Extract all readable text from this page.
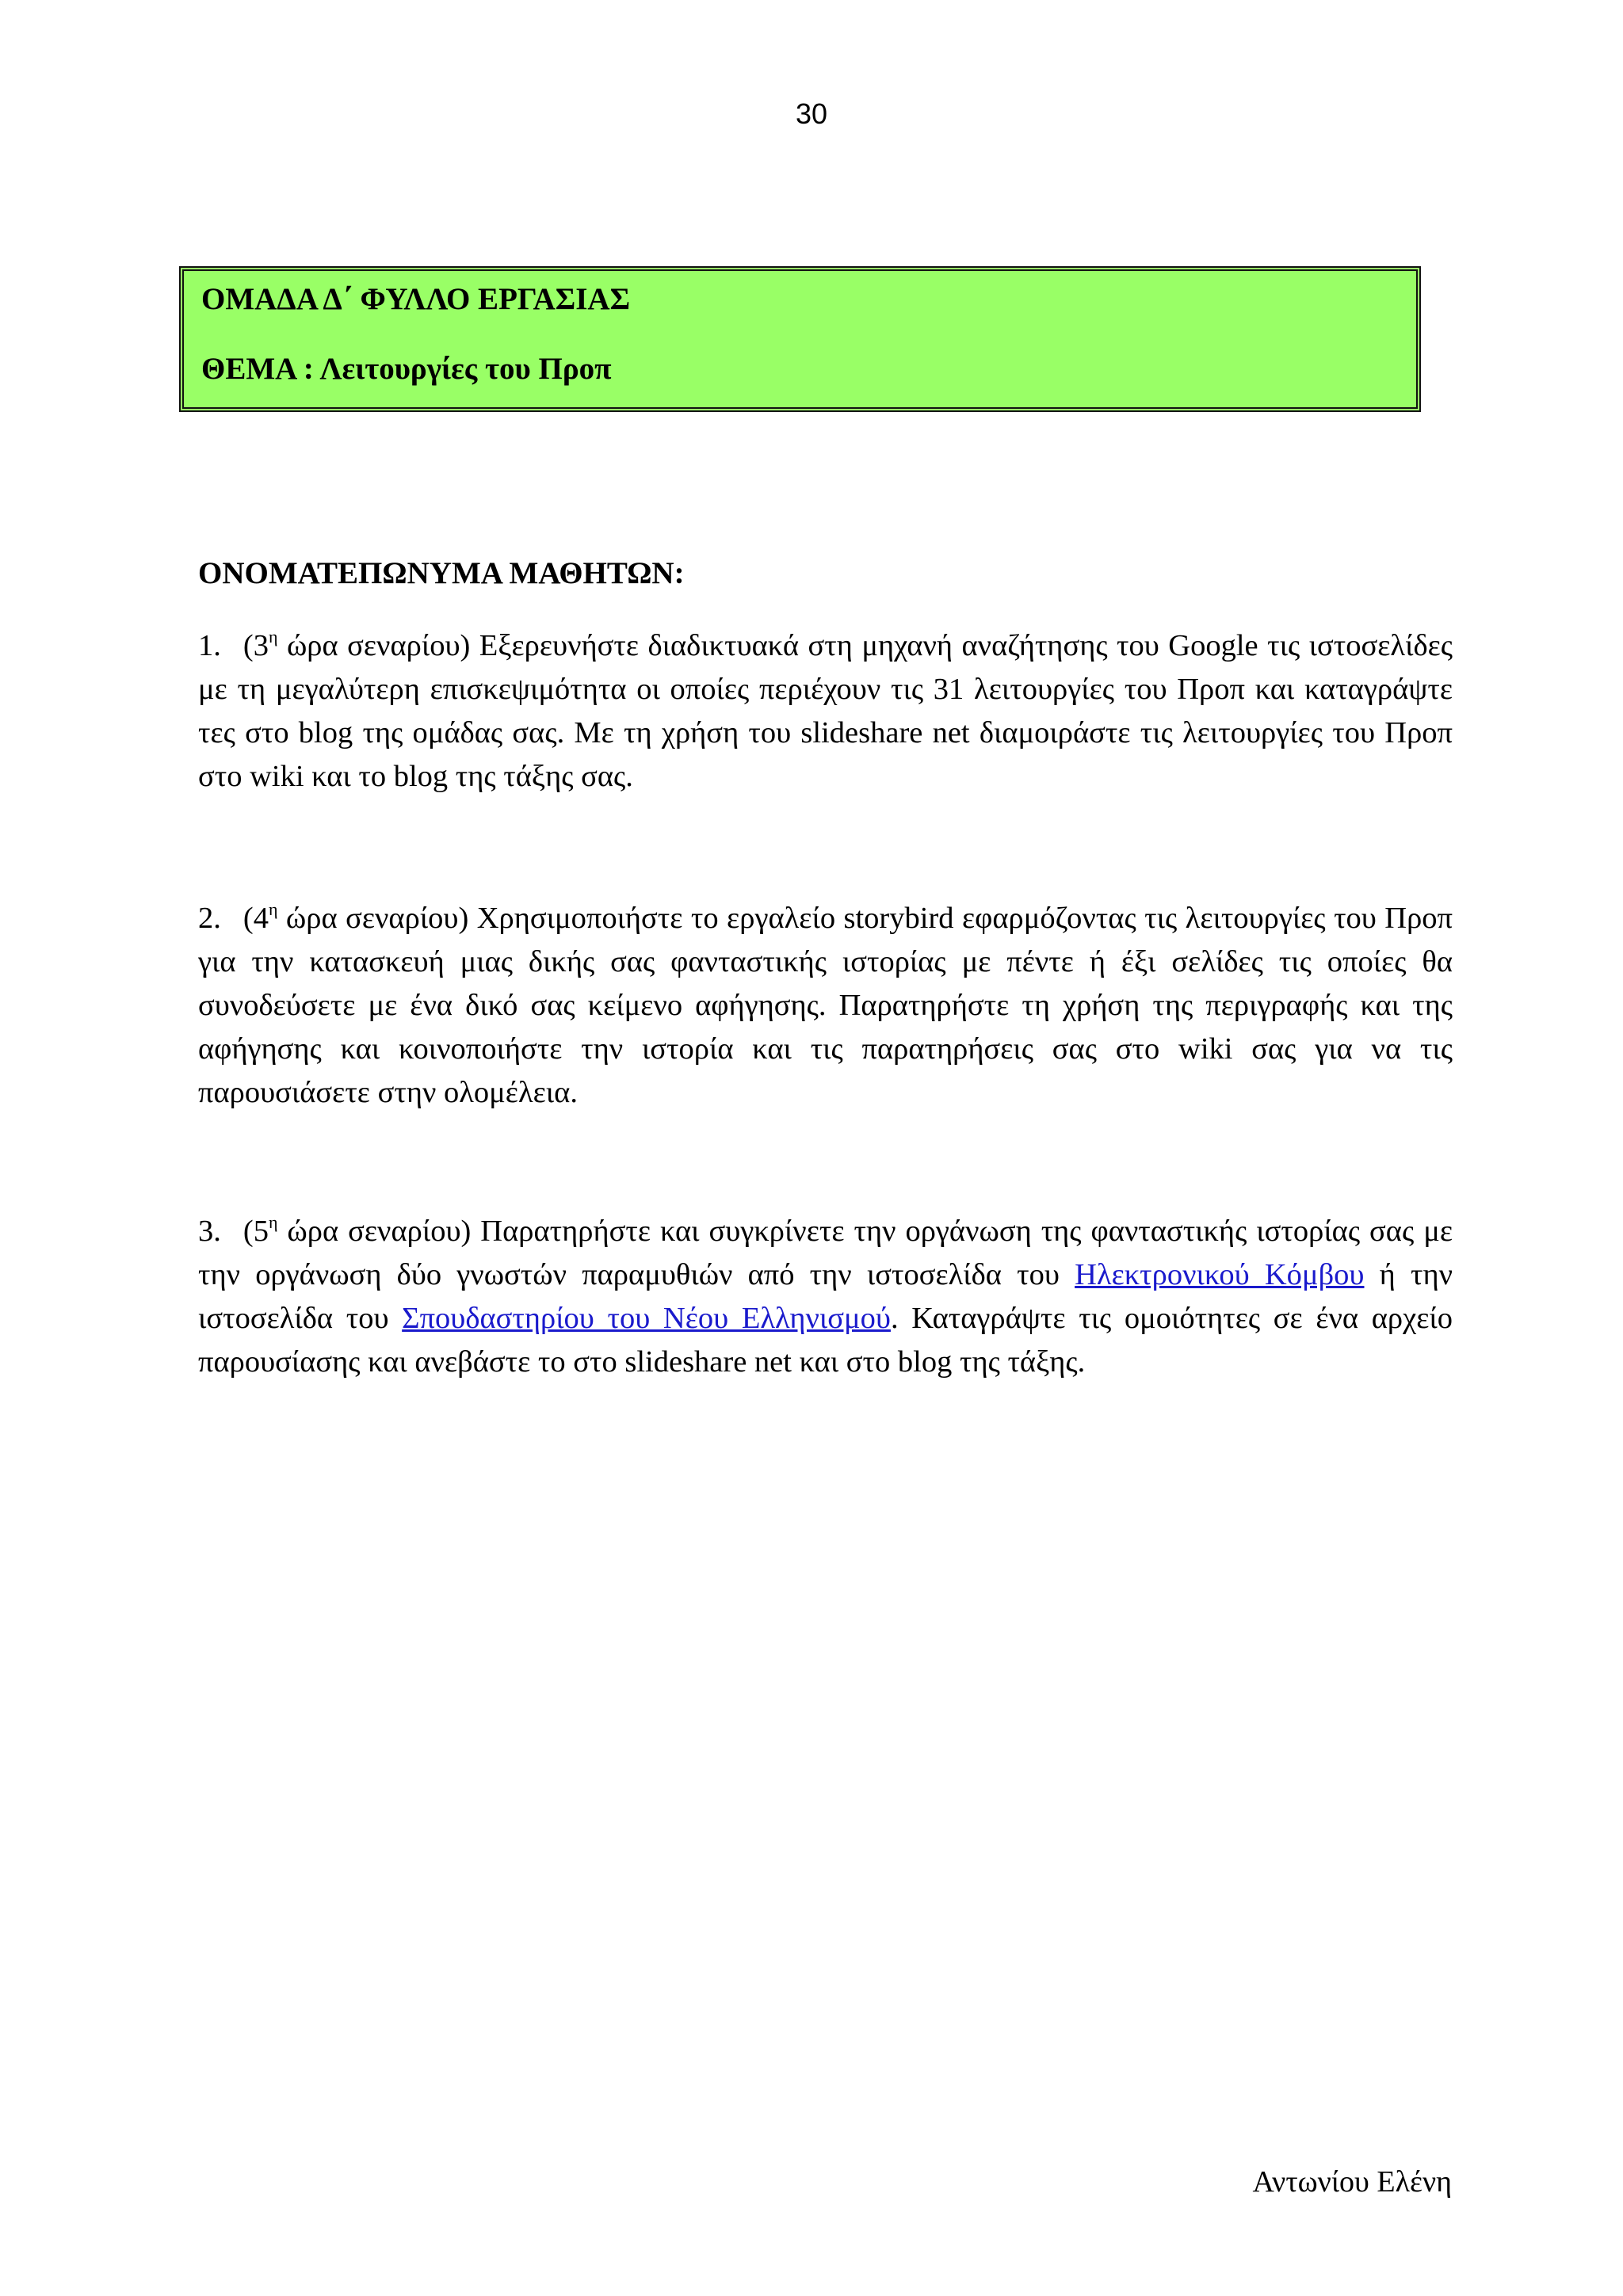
30
ΟΜΑΔΑ Δ΄ ΦΥΛΛΟ ΕΡΓΑΣΙΑΣ
ΘΕΜΑ : Λειτουργίες του Προπ
ΟΝΟΜΑΤΕΠΩΝΥΜΑ ΜΑΘΗΤΩΝ:
1. ($3^\eta$ ώρα σεναρίου) Εξερευνήστε διαδικτυακά στη μηχανή αναζήτησης του Google τις ιστοσελίδες με τη μεγαλύτερη επισκεψιμότητα οι οποίες περιέχουν τις 31 λειτουργίες του Προπ και καταγράψτε τες στο blog της ομάδας σας. Με τη χρήση του slideshare net διαμοιράστε τις λειτουργίες του Προπ στο wiki και το blog της τάξης σας.
2. ($4^\eta$ ώρα σεναρίου) Χρησιμοποιήστε το εργαλείο storybird εφαρμόζοντας τις λειτουργίες του Προπ για την κατασκευή μιας δικής σας φανταστικής ιστορίας με πέντε ή έξι σελίδες τις οποίες θα συνοδεύσετε με ένα δικό σας κείμενο αφήγησης. Παρατηρήστε τη χρήση της περιγραφής και της αφήγησης και κοινοποιήστε την ιστορία και τις παρατηρήσεις σας στο wiki σας για να τις παρουσιάσετε στην ολομέλεια.
3. ($5^\eta$ ώρα σεναρίου) Παρατηρήστε και συγκρίνετε την οργάνωση της φανταστικής ιστορίας σας με την οργάνωση δύο γνωστών παραμυθιών από την ιστοσελίδα του Ηλεκτρονικού Κόμβου ή την ιστοσελίδα του Σπουδαστηρίου του Νέου Ελληνισμού. Καταγράψτε τις ομοιότητες σε ένα αρχείο παρουσίασης και ανεβάστε το στο slideshare net και στο blog της τάξης.
Αντωνίου Ελένη
